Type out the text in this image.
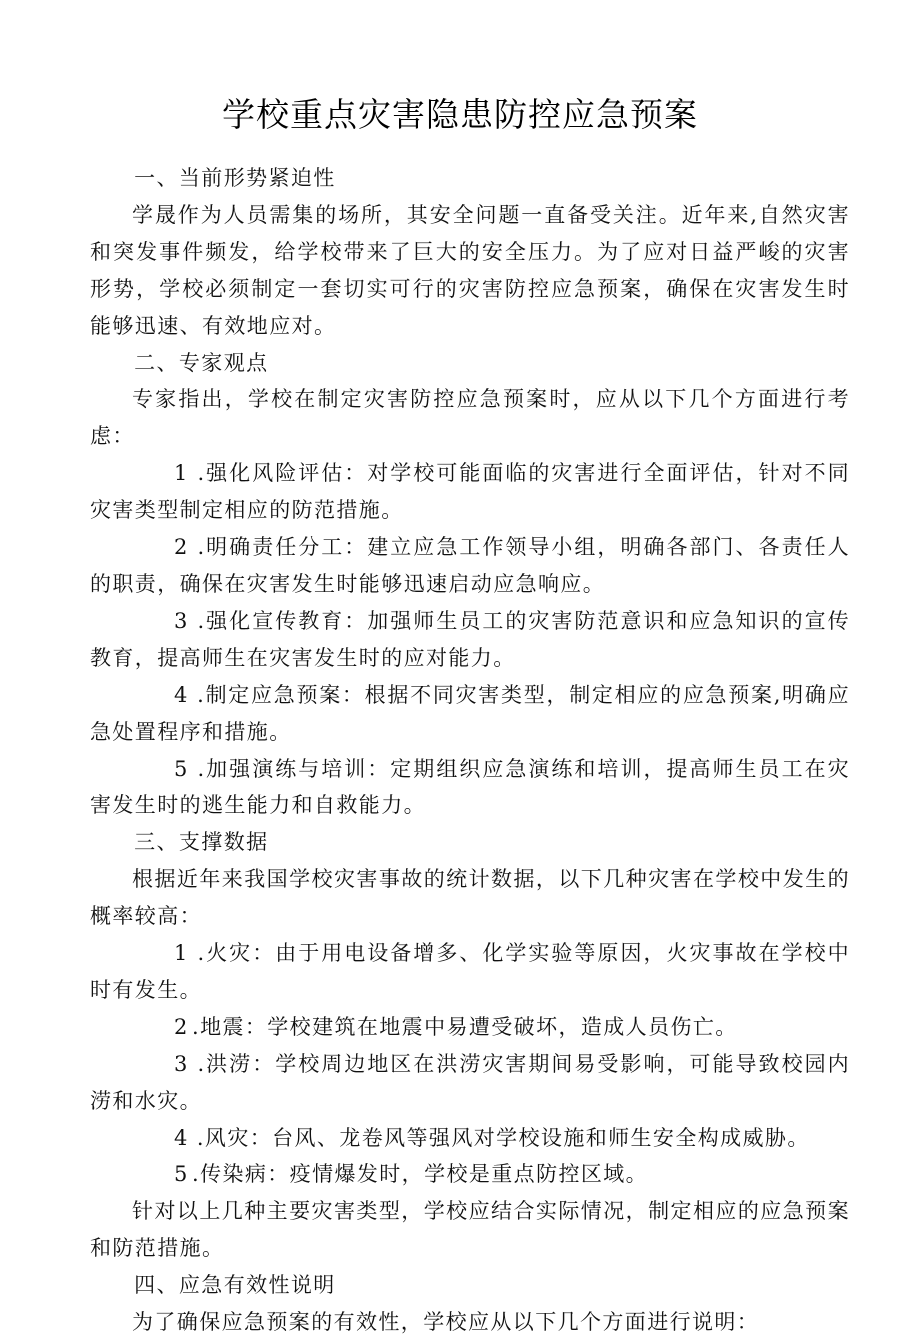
学校重点灾害隐患防控应急预案

一、当前形势紧迫性

学晟作为人员需集的场所，其安全问题一直备受关注。近年来,自然灾害和突发事件频发，给学校带来了巨大的安全压力。为了应对日益严峻的灾害形势，学校必须制定一套切实可行的灾害防控应急预案，确保在灾害发生时能够迅速、有效地应对。

二、专家观点

专家指出，学校在制定灾害防控应急预案时，应从以下几个方面进行考虑：

1 .强化风险评估：对学校可能面临的灾害进行全面评估，针对不同灾害类型制定相应的防范措施。

2 .明确责任分工：建立应急工作领导小组，明确各部门、各责任人的职责，确保在灾害发生时能够迅速启动应急响应。

3 .强化宣传教育：加强师生员工的灾害防范意识和应急知识的宣传教育，提高师生在灾害发生时的应对能力。

4 .制定应急预案：根据不同灾害类型，制定相应的应急预案,明确应急处置程序和措施。

5 .加强演练与培训：定期组织应急演练和培训，提高师生员工在灾害发生时的逃生能力和自救能力。

三、支撑数据

根据近年来我国学校灾害事故的统计数据，以下几种灾害在学校中发生的概率较高：

1 .火灾：由于用电设备增多、化学实验等原因，火灾事故在学校中时有发生。

2 .地震：学校建筑在地震中易遭受破坏，造成人员伤亡。

3 .洪涝：学校周边地区在洪涝灾害期间易受影响，可能导致校园内涝和水灾。

4 .风灾：台风、龙卷风等强风对学校设施和师生安全构成威胁。

5 .传染病：疫情爆发时，学校是重点防控区域。

针对以上几种主要灾害类型，学校应结合实际情况，制定相应的应急预案和防范措施。

四、应急有效性说明

为了确保应急预案的有效性，学校应从以下几个方面进行说明：
